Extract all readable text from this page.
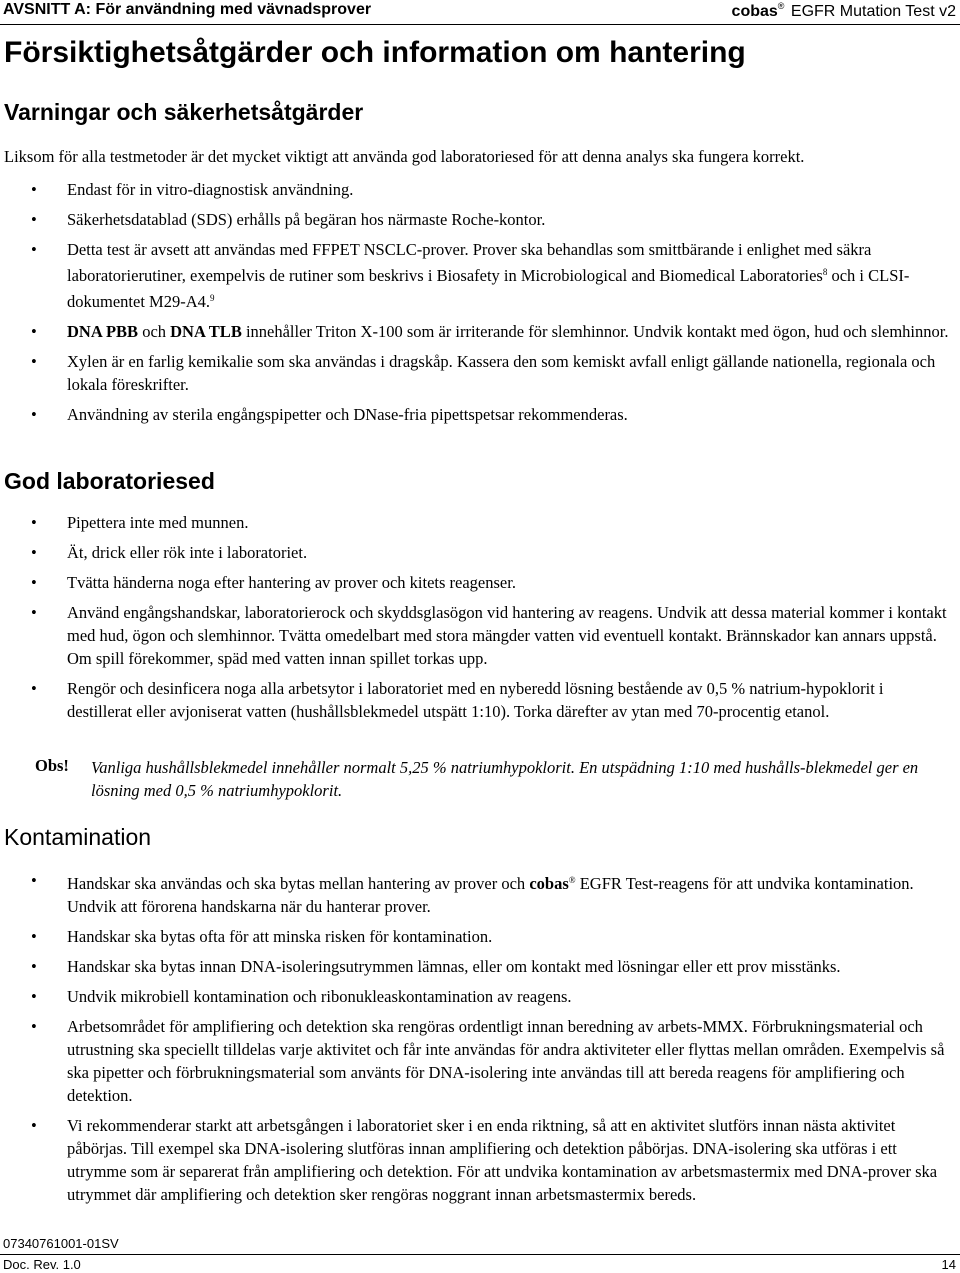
AVSNITT A: För användning med vävnadsprover	cobas® EGFR Mutation Test v2
Försiktighetsåtgärder och information om hantering
Varningar och säkerhetsåtgärder

Liksom för alla testmetoder är det mycket viktigt att använda god laboratoriesed för att denna analys ska fungera korrekt.

• Endast för in vitro-diagnostisk användning.
• Säkerhetsdatablad (SDS) erhålls på begäran hos närmaste Roche-kontor.
• Detta test är avsett att användas med FFPET NSCLC-prover. Prover ska behandlas som smittbärande i enlighet med säkra laboratorierutiner, exempelvis de rutiner som beskrivs i Biosafety in Microbiological and Biomedical Laboratories$^8$ och i CLSI-dokumentet M29-A4.$^9$
• DNA PBB och DNA TLB innehåller Triton X-100 som är irriterande för slemhinnor. Undvik kontakt med ögon, hud och slemhinnor.
• Xylen är en farlig kemikalie som ska användas i dragskåp. Kassera den som kemiskt avfall enligt gällande nationella, regionala och lokala föreskrifter.
• Användning av sterila engångspipetter och DNase-fria pipettspetsar rekommenderas.
God laboratoriesed
• Pipettera inte med munnen.
• Ät, drick eller rök inte i laboratoriet.
• Tvätta händerna noga efter hantering av prover och kitets reagenser.
• Använd engångshandskar, laboratorierock och skyddsglasögon vid hantering av reagens. Undvik att dessa material kommer i kontakt med hud, ögon och slemhinnor. Tvätta omedelbart med stora mängder vatten vid eventuell kontakt. Brännskador kan annars uppstå. Om spill förekommer, späd med vatten innan spillet torkas upp.
• Rengör och desinficera noga alla arbetsytor i laboratoriet med en nyberedd lösning bestående av 0,5 % natrium-hypoklorit i destillerat eller avjoniserat vatten (hushållsblekmedel utspätt 1:10). Torka därefter av ytan med 70-procentig etanol.
Obs! Vanliga hushållsblekmedel innehåller normalt 5,25 % natriumhypoklorit. En utspädning 1:10 med hushålls-blekmedel ger en lösning med 0,5 % natriumhypoklorit.

Kontamination
• Handskar ska användas och ska bytas mellan hantering av prover och cobas® EGFR Test-reagens för att undvika kontamination. Undvik att förorena handskarna när du hanterar prover.
• Handskar ska bytas ofta för att minska risken för kontamination.
• Handskar ska bytas innan DNA-isoleringsutrymmen lämnas, eller om kontakt med lösningar eller ett prov misstänks.
• Undvik mikrobiell kontamination och ribonukleaskontamination av reagens.
• Arbetsområdet för amplifiering och detektion ska rengöras ordentligt innan beredning av arbets-MMX. Förbrukningsmaterial och utrustning ska speciellt tilldelas varje aktivitet och får inte användas för andra aktiviteter eller flyttas mellan områden. Exempelvis så ska pipetter och förbrukningsmaterial som använts för DNA-isolering inte användas till att bereda reagens för amplifiering och detektion.
• Vi rekommenderar starkt att arbetsgången i laboratoriet sker i en enda riktning, så att en aktivitet slutförs innan nästa aktivitet påbörjas. Till exempel ska DNA-isolering slutföras innan amplifiering och detektion påbörjas. DNA-isolering ska utföras i ett utrymme som är separerat från amplifiering och detektion. För att undvika kontamination av arbetsmastermix med DNA-prover ska utrymmet där amplifiering och detektion sker rengöras noggrant innan arbetsmastermix bereds.
07340761001-01SV
Doc. Rev. 1.0	14
